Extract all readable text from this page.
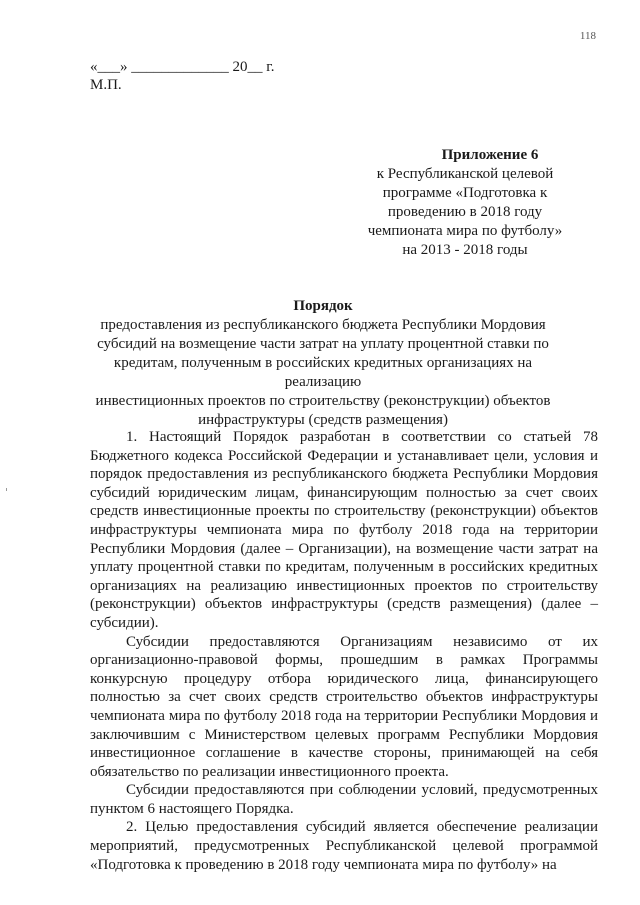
118
«___» _____________ 20__ г.
М.П.
Приложение 6
к Республиканской целевой
программе «Подготовка к
проведению в 2018 году
чемпионата мира по футболу»
на 2013 - 2018 годы
Порядок
предоставления из республиканского бюджета Республики Мордовия
субсидий на возмещение части затрат на уплату процентной ставки по
кредитам, полученным в российских кредитных организациях на реализацию
инвестиционных проектов по строительству (реконструкции) объектов
инфраструктуры (средств размещения)

1. Настоящий Порядок разработан в соответствии со статьей 78 Бюджетного кодекса Российской Федерации и устанавливает цели, условия и порядок предоставления из республиканского бюджета Республики Мордовия субсидий юридическим лицам, финансирующим полностью за счет своих средств инвестиционные проекты по строительству (реконструкции) объектов инфраструктуры чемпионата мира по футболу 2018 года на территории Республики Мордовия (далее – Организации), на возмещение части затрат на уплату процентной ставки по кредитам, полученным в российских кредитных организациях на реализацию инвестиционных проектов по строительству (реконструкции) объектов инфраструктуры (средств размещения) (далее – субсидии).

Субсидии предоставляются Организациям независимо от их организационно-правовой формы, прошедшим в рамках Программы конкурсную процедуру отбора юридического лица, финансирующего полностью за счет своих средств строительство объектов инфраструктуры чемпионата мира по футболу 2018 года на территории Республики Мордовия и заключившим с Министерством целевых программ Республики Мордовия инвестиционное соглашение в качестве стороны, принимающей на себя обязательство по реализации инвестиционного проекта.

Субсидии предоставляются при соблюдении условий, предусмотренных пунктом 6 настоящего Порядка.

2. Целью предоставления субсидий является обеспечение реализации мероприятий, предусмотренных Республиканской целевой программой «Подготовка к проведению в 2018 году чемпионата мира по футболу» на
